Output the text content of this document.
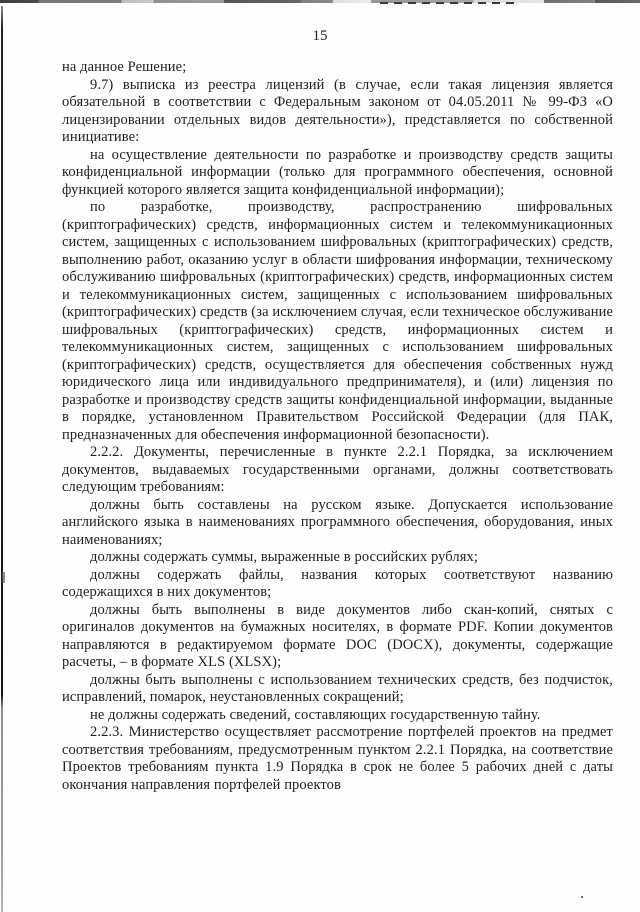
15

на данное Решение;

9.7) выписка из реестра лицензий (в случае, если такая лицензия является обязательной в соответствии с Федеральным законом от 04.05.2011 № 99-ФЗ «О лицензировании отдельных видов деятельности»), представляется по собственной инициативе:

на осуществление деятельности по разработке и производству средств защиты конфиденциальной информации (только для программного обеспечения, основной функцией которого является защита конфиденциальной информации);

по разработке, производству, распространению шифровальных (криптографических) средств, информационных систем и телекоммуникационных систем, защищенных с использованием шифровальных (криптографических) средств, выполнению работ, оказанию услуг в области шифрования информации, техническому обслуживанию шифровальных (криптографических) средств, информационных систем и телекоммуникационных систем, защищенных с использованием шифровальных (криптографических) средств (за исключением случая, если техническое обслуживание шифровальных (криптографических) средств, информационных систем и телекоммуникационных систем, защищенных с использованием шифровальных (криптографических) средств, осуществляется для обеспечения собственных нужд юридического лица или индивидуального предпринимателя), и (или) лицензия по разработке и производству средств защиты конфиденциальной информации, выданные в порядке, установленном Правительством Российской Федерации (для ПАК, предназначенных для обеспечения информационной безопасности).

2.2.2. Документы, перечисленные в пункте 2.2.1 Порядка, за исключением документов, выдаваемых государственными органами, должны соответствовать следующим требованиям:

должны быть составлены на русском языке. Допускается использование английского языка в наименованиях программного обеспечения, оборудования, иных наименованиях;

должны содержать суммы, выраженные в российских рублях;

должны содержать файлы, названия которых соответствуют названию содержащихся в них документов;

должны быть выполнены в виде документов либо скан-копий, снятых с оригиналов документов на бумажных носителях, в формате PDF. Копии документов направляются в редактируемом формате DOC (DOCX), документы, содержащие расчеты, – в формате XLS (XLSX);

должны быть выполнены с использованием технических средств, без подчисток, исправлений, помарок, неустановленных сокращений;

не должны содержать сведений, составляющих государственную тайну.

2.2.3. Министерство осуществляет рассмотрение портфелей проектов на предмет соответствия требованиям, предусмотренным пунктом 2.2.1 Порядка, на соответствие Проектов требованиям пункта 1.9 Порядка в срок не более 5 рабочих дней с даты окончания направления портфелей проектов
